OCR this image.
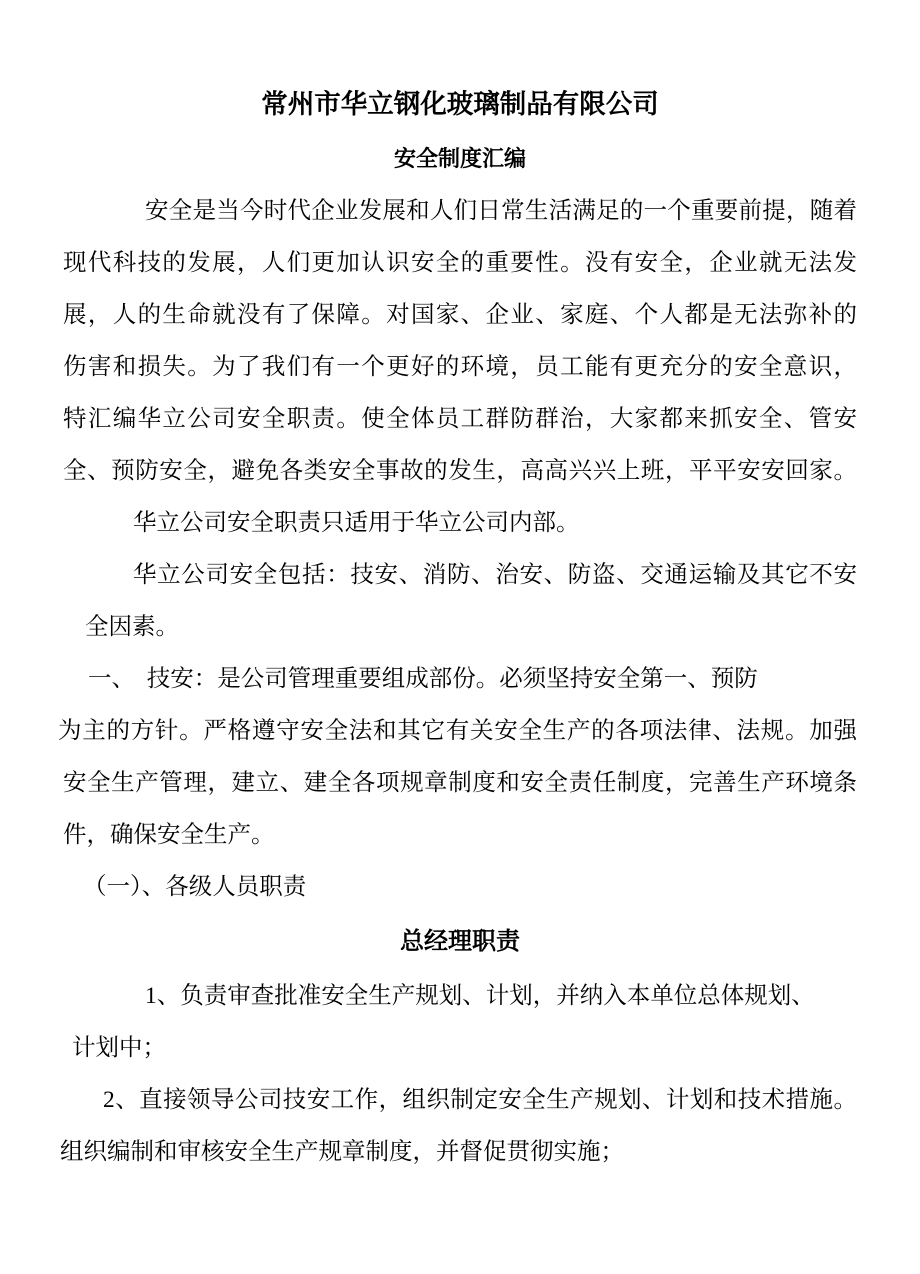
常州市华立钢化玻璃制品有限公司
安全制度汇编
安全是当今时代企业发展和人们日常生活满足的一个重要前提，随着
现代科技的发展，人们更加认识安全的重要性。没有安全，企业就无法发
展，人的生命就没有了保障。对国家、企业、家庭、个人都是无法弥补的
伤害和损失。为了我们有一个更好的环境，员工能有更充分的安全意识，
特汇编华立公司安全职责。使全体员工群防群治，大家都来抓安全、管安
全、预防安全，避免各类安全事故的发生，高高兴兴上班，平平安安回家。
华立公司安全职责只适用于华立公司内部。
华立公司安全包括：技安、消防、治安、防盗、交通运输及其它不安
全因素。
一、　技安：是公司管理重要组成部份。必须坚持安全第一、预防
为主的方针。严格遵守安全法和其它有关安全生产的各项法律、法规。加强
安全生产管理，建立、建全各项规章制度和安全责任制度，完善生产环境条
件，确保安全生产。
（一）、各级人员职责
总经理职责
1、负责审查批准安全生产规划、计划，并纳入本单位总体规划、
计划中；
2、直接领导公司技安工作，组织制定安全生产规划、计划和技术措施。
组织编制和审核安全生产规章制度，并督促贯彻实施；
